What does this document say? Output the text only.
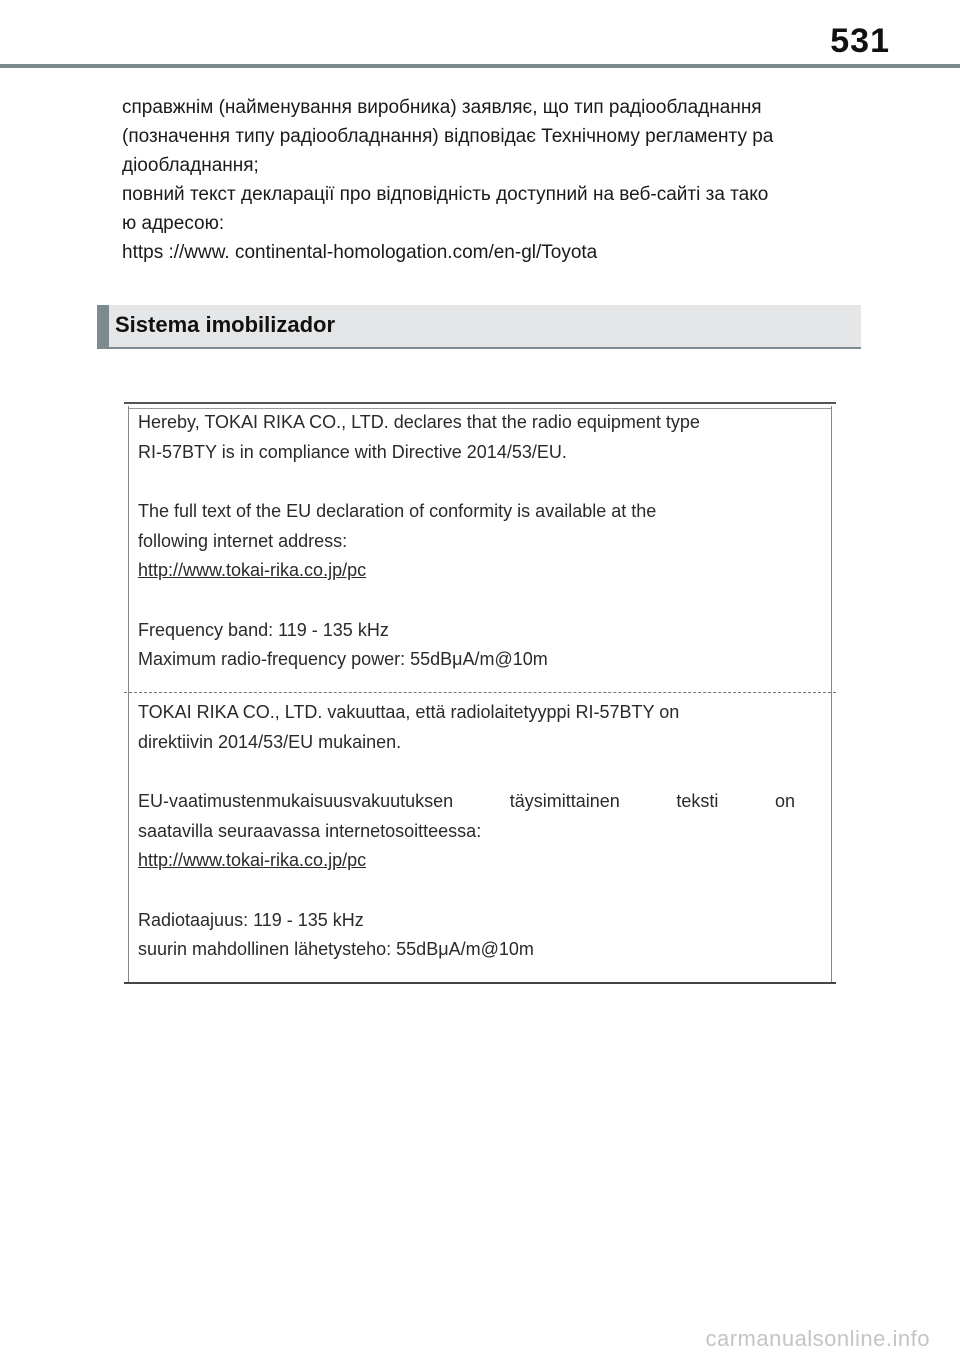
531

справжнім (найменування виробника) заявляє, що тип радіообладнання

(позначення типу радіообладнання) відповідає Технічному регламенту ра

діообладнання;

повний текст декларації про відповідність доступний на веб-сайті за тако

ю адресою:

https ://www. continental-homologation.com/en-gl/Toyota

Sistema imobilizador

Hereby, TOKAI RIKA CO., LTD. declares that the radio equipment type

RI-57BTY is in compliance with Directive 2014/53/EU.

The full text of the EU declaration of conformity is available at the

following internet address:

http://www.tokai-rika.co.jp/pc

Frequency band: 119 - 135 kHz

Maximum radio-frequency power: 55dBμA/m@10m

TOKAI RIKA CO., LTD. vakuuttaa, että radiolaitetyyppi RI-57BTY on

direktiivin 2014/53/EU mukainen.

EU-vaatimustenmukaisuusvakuutuksen	täysimittainen	teksti	on

saatavilla seuraavassa internetosoitteessa:

http://www.tokai-rika.co.jp/pc

Radiotaajuus: 119 - 135 kHz

suurin mahdollinen lähetysteho: 55dBμA/m@10m

carmanualsonline.info
